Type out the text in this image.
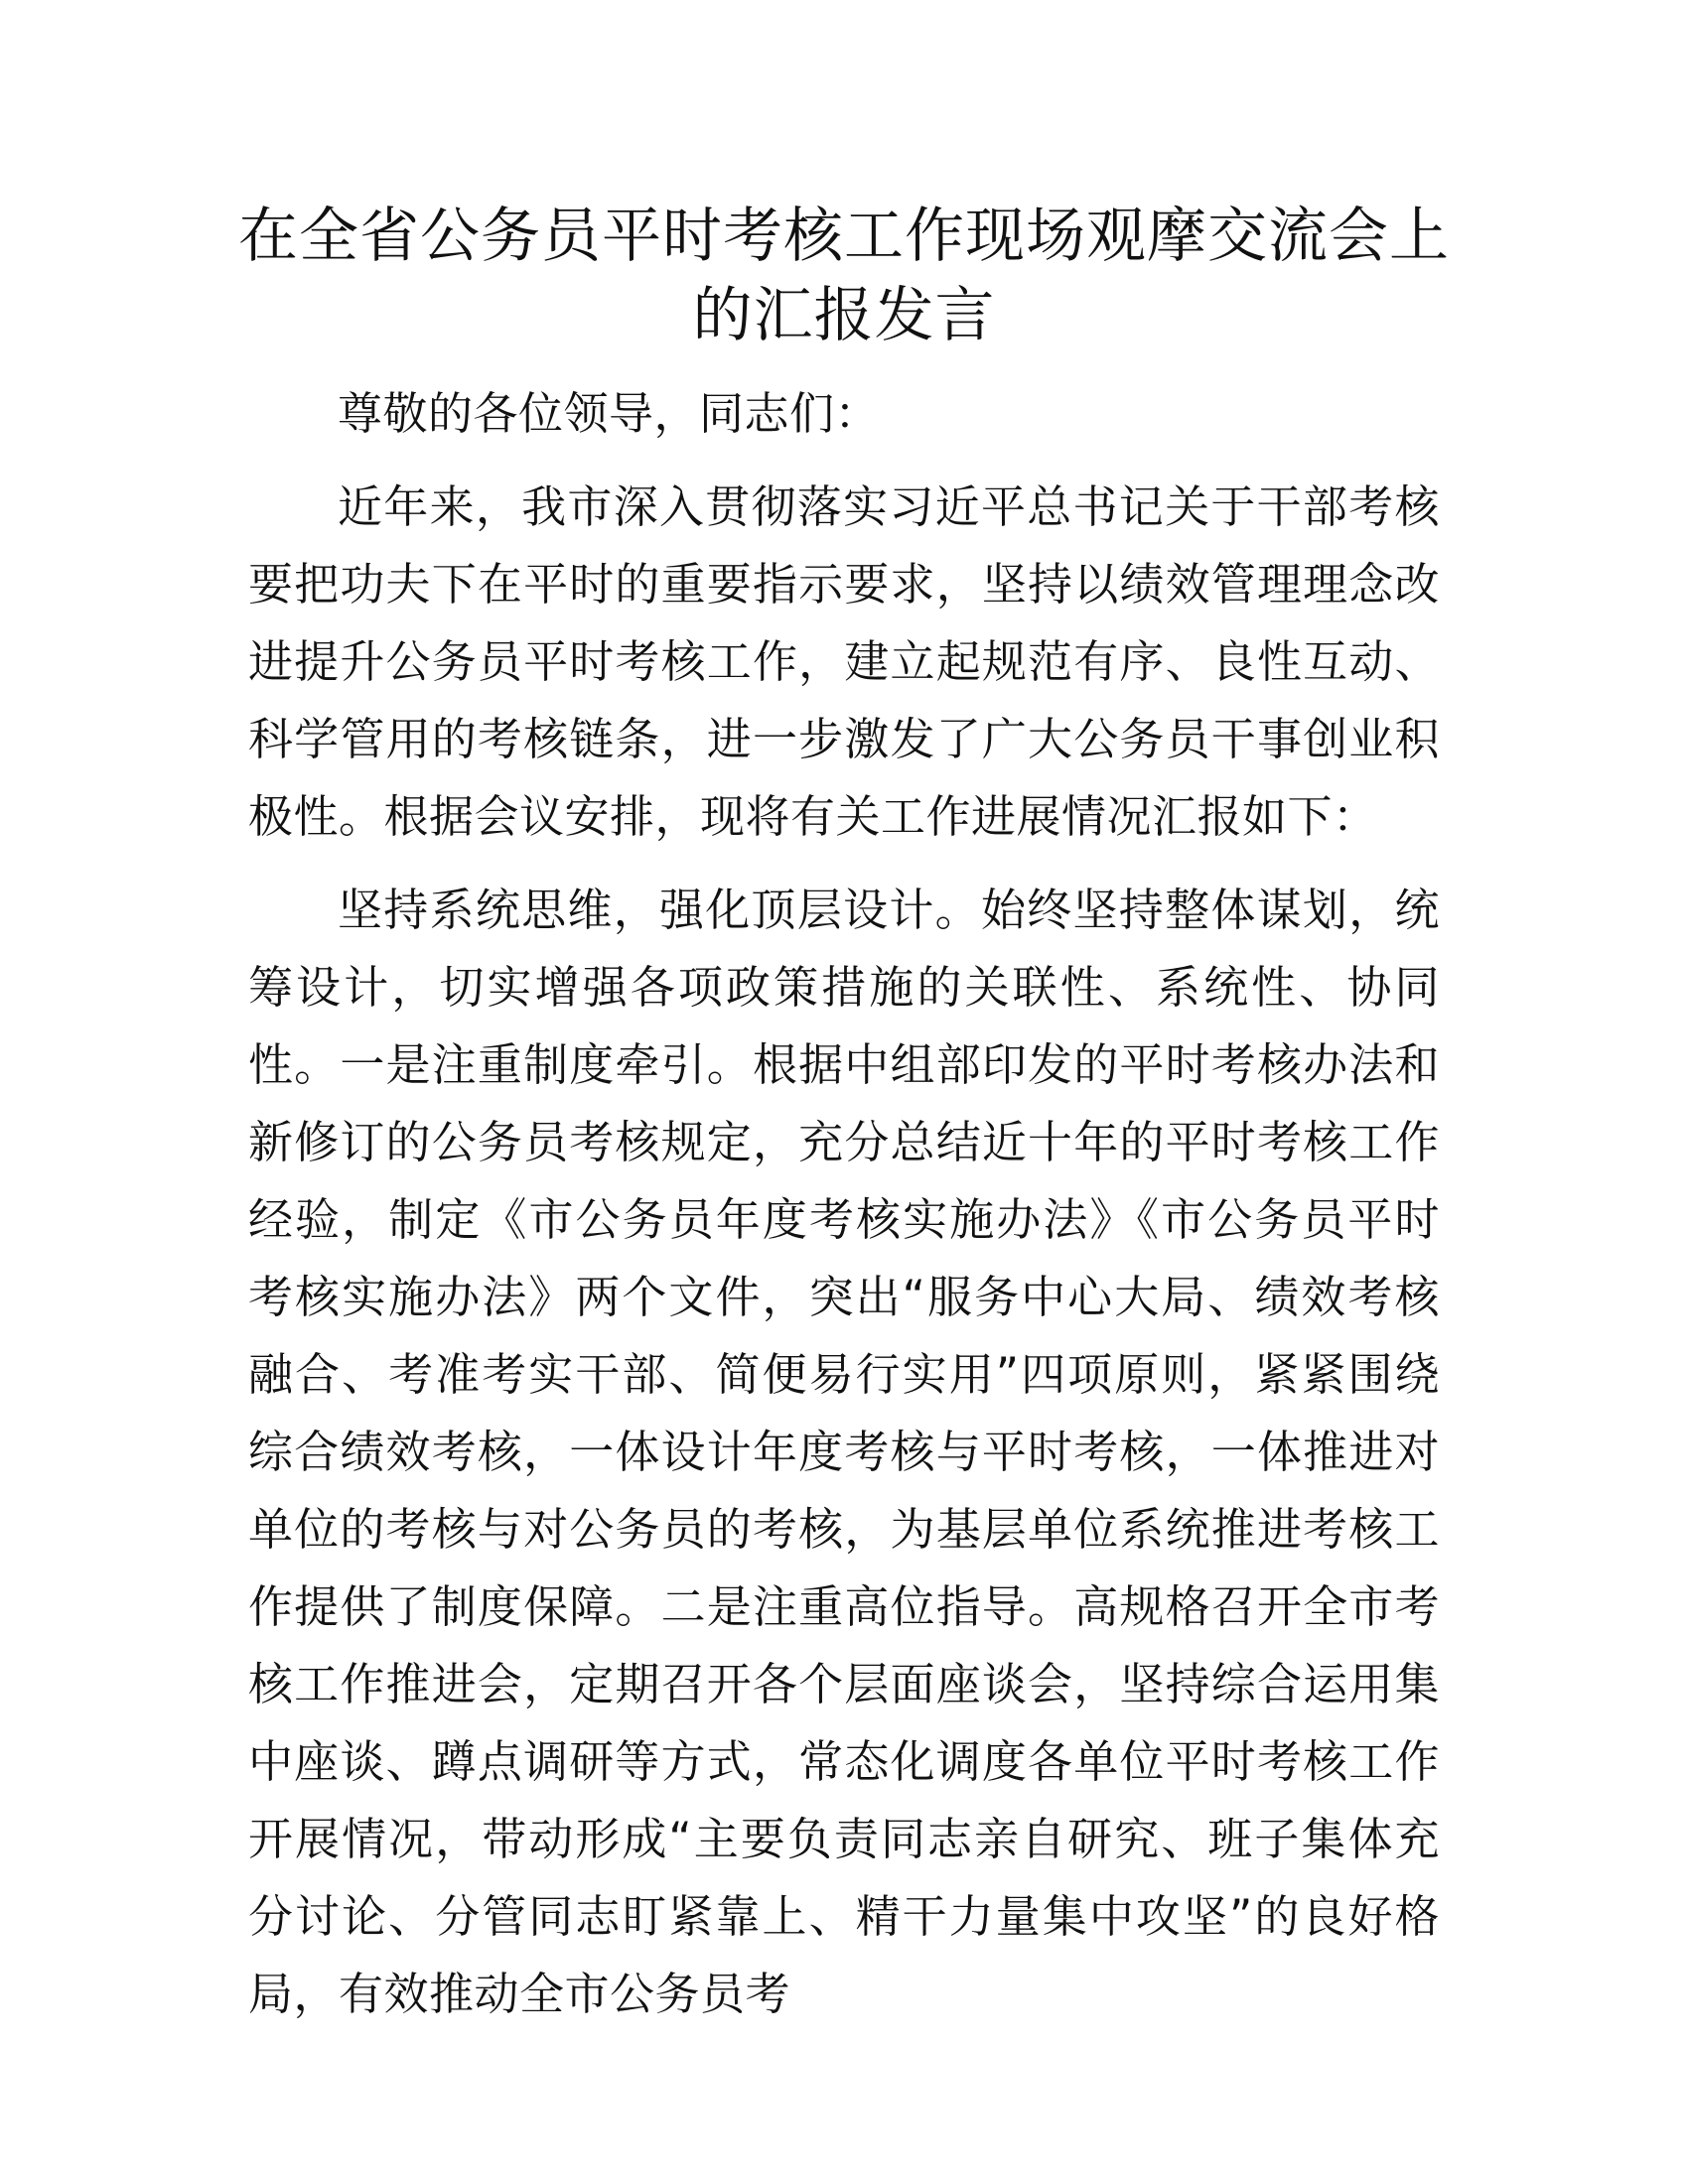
在全省公务员平时考核工作现场观摩交流会上的汇报发言

尊敬的各位领导，同志们：

近年来，我市深入贯彻落实习近平总书记关于干部考核要把功夫下在平时的重要指示要求，坚持以绩效管理理念改进提升公务员平时考核工作，建立起规范有序、良性互动、科学管用的考核链条，进一步激发了广大公务员干事创业积极性。根据会议安排，现将有关工作进展情况汇报如下：

坚持系统思维，强化顶层设计。始终坚持整体谋划，统筹设计，切实增强各项政策措施的关联性、系统性、协同性。一是注重制度牵引。根据中组部印发的平时考核办法和新修订的公务员考核规定，充分总结近十年的平时考核工作经验，制定《市公务员年度考核实施办法》《市公务员平时考核实施办法》两个文件，突出“服务中心大局、绩效考核融合、考准考实干部、简便易行实用”四项原则，紧紧围绕综合绩效考核，一体设计年度考核与平时考核，一体推进对单位的考核与对公务员的考核，为基层单位系统推进考核工作提供了制度保障。二是注重高位指导。高规格召开全市考核工作推进会，定期召开各个层面座谈会，坚持综合运用集中座谈、蹲点调研等方式，常态化调度各单位平时考核工作开展情况，带动形成“主要负责同志亲自研究、班子集体充分讨论、分管同志盯紧靠上、精干力量集中攻坚”的良好格局，有效推动全市公务员考
